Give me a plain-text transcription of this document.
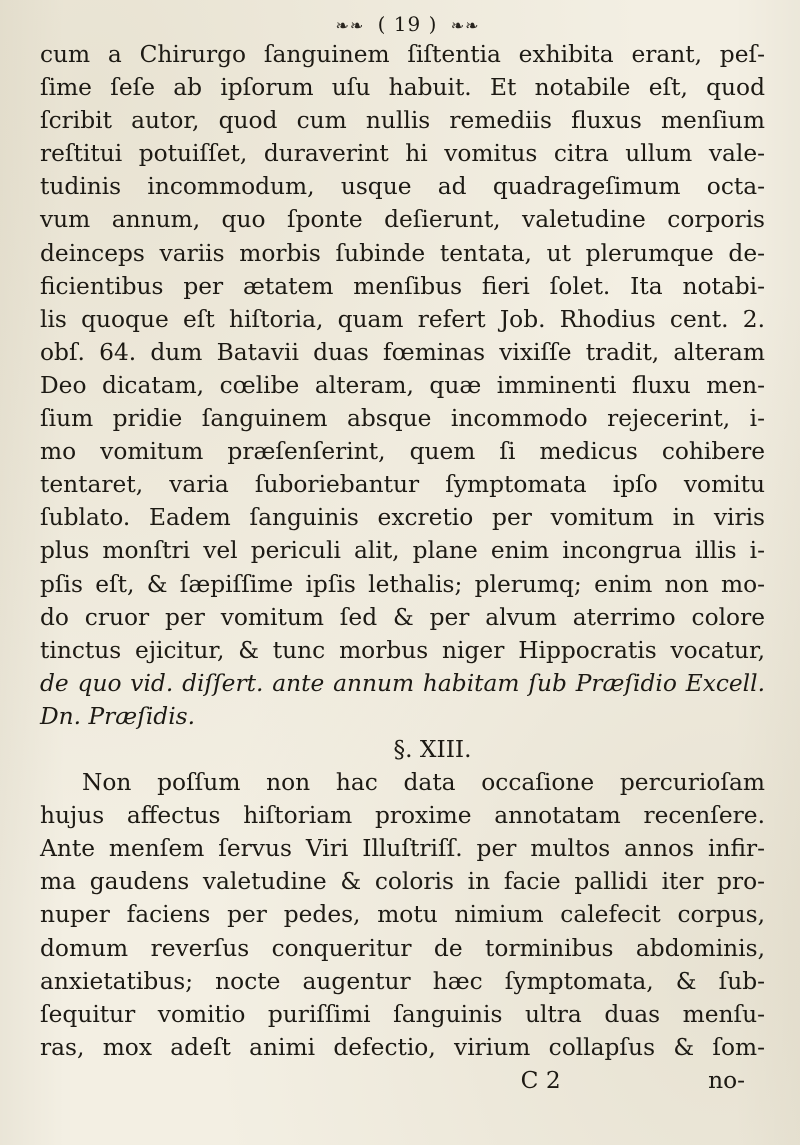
❧❧ ( 19 ) ❧❧
cum a Chirurgo ſanguinem ſiſtentia exhibita erant, peſ-
ſime ſeſe ab ipſorum uſu habuit. Et notabile eſt, quod
ſcribit autor, quod cum nullis remediis fluxus menſium
reſtitui potuiſſet, duraverint hi vomitus citra ullum vale-
tudinis incommodum, usque ad quadrageſimum octa-
vum annum, quo ſponte deſierunt, valetudine corporis
deinceps variis morbis ſubinde tentata, ut plerumque de-
ficientibus per ætatem menſibus fieri ſolet. Ita notabi-
lis quoque eſt hiſtoria, quam refert Job. Rhodius cent. 2.
obſ. 64. dum Batavii duas fœminas vixiſſe tradit, alteram
Deo dicatam, cœlibe alteram, quæ imminenti fluxu men-
ſium pridie ſanguinem absque incommodo rejecerint, i-
mo vomitum præſenſerint, quem ſi medicus cohibere
tentaret, varia ſuboriebantur ſymptomata ipſo vomitu
ſublato. Eadem ſanguinis excretio per vomitum in viris
plus monſtri vel periculi alit, plane enim incongrua illis i-
pſis eſt, & ſæpiſſime ipſis lethalis; plerumq; enim non mo-
do cruor per vomitum ſed & per alvum aterrimo colore
tinctus ejicitur, & tunc morbus niger Hippocratis vocatur,
de quo vid. diſſert. ante annum habitam ſub Præſidio Excell.
Dn. Præſidis.
§. XIII.
Non poſſum non hac data occaſione percurioſam
hujus affectus hiſtoriam proxime annotatam recenſere.
Ante menſem ſervus Viri Illuſtriſſ. per multos annos infir-
ma gaudens valetudine & coloris in facie pallidi iter pro-
nuper faciens per pedes, motu nimium calefecit corpus,
domum reverſus conqueritur de torminibus abdominis,
anxietatibus; nocte augentur hæc ſymptomata, & ſub-
ſequitur vomitio puriſſimi ſanguinis ultra duas menſu-
ras, mox adeſt animi defectio, virium collapſus & ſom-
C 2	no-
